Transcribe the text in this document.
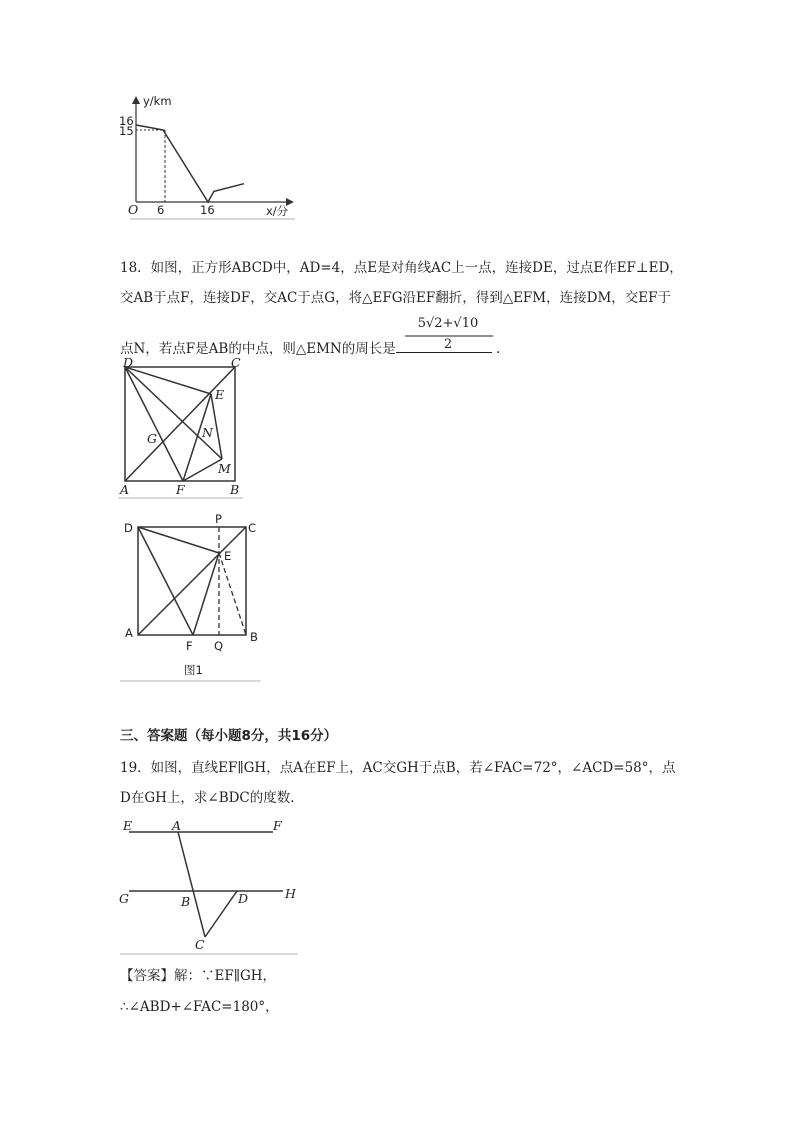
y/km
16
15
O 6	16	x/分
18．如图，正方形ABCD中，AD=4，点E是对角线AC上一点，连接DE，过点E作EF⊥ED，
交AB于点F，连接DF，交AC于点G，将△EFG沿EF翻折，得到△EFM，连接DM，交EF于
点N，若点F是AB的中点，则△EMN的周长是	.
5√2+√10
2
D	C
E
G	N
M
A	F	B
D
P
C
E
A
F Q
B
图1
三、答案题（每小题8分，共16分）
19．如图，直线EF∥GH，点A在EF上，AC交GH于点B，若∠FAC=72°，∠ACD=58°，点
D在GH上，求∠BDC的度数.
E	A	F
G	B	D	H
C
【答案】解：∵EF∥GH，
∴∠ABD+∠FAC=180°，
